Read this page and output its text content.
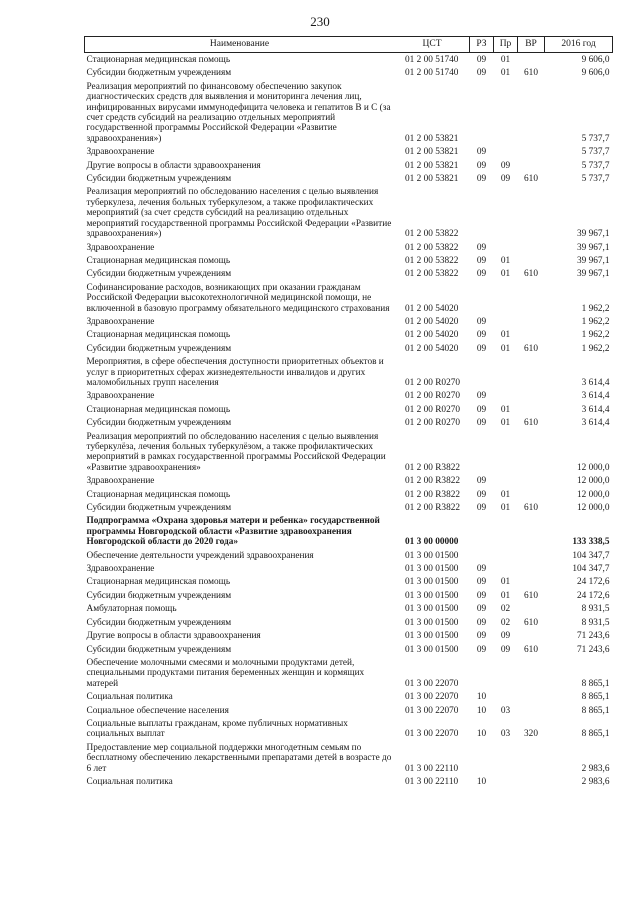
230
Наименование	ЦСТ	РЗ	Пр	ВР	2016 год
Стационарная медицинская помощь	01 2 00 51740	09	01		9 606,0
Субсидии бюджетным учреждениям	01 2 00 51740	09	01	610	9 606,0
Реализация мероприятий по финансовому обеспечению закупок диагностических средств для выявления и мониторинга лечения лиц, инфицированных вирусами иммунодефицита человека и гепатитов В и С (за счет средств субсидий на реализацию отдельных мероприятий государственной программы Российской Федерации «Развитие здравоохранения»)	01 2 00 53821				5 737,7
Здравоохранение	01 2 00 53821	09			5 737,7
Другие вопросы в области здравоохранения	01 2 00 53821	09	09		5 737,7
Субсидии бюджетным учреждениям	01 2 00 53821	09	09	610	5 737,7
Реализация мероприятий по обследованию населения с целью выявления туберкулеза, лечения больных туберкулезом, а также профилактических мероприятий (за счет средств субсидий на реализацию отдельных мероприятий государственной программы Российской Федерации «Развитие здравоохранения»)	01 2 00 53822				39 967,1
Здравоохранение	01 2 00 53822	09			39 967,1
Стационарная медицинская помощь	01 2 00 53822	09	01		39 967,1
Субсидии бюджетным учреждениям	01 2 00 53822	09	01	610	39 967,1
Софинансирование расходов, возникающих при оказании гражданам Российской Федерации высокотехнологичной медицинской помощи, не включенной в базовую программу обязательного медицинского страхования	01 2 00 54020				1 962,2
Здравоохранение	01 2 00 54020	09			1 962,2
Стационарная медицинская помощь	01 2 00 54020	09	01		1 962,2
Субсидии бюджетным учреждениям	01 2 00 54020	09	01	610	1 962,2
Мероприятия, в сфере обеспечения доступности приоритетных объектов и услуг в приоритетных сферах жизнедеятельности инвалидов и других маломобильных групп населения	01 2 00 R0270				3 614,4
Здравоохранение	01 2 00 R0270	09			3 614,4
Стационарная медицинская помощь	01 2 00 R0270	09	01		3 614,4
Субсидии бюджетным учреждениям	01 2 00 R0270	09	01	610	3 614,4
Реализация мероприятий по обследованию населения с целью выявления туберкулёза, лечения больных туберкулёзом, а также профилактических мероприятий в рамках государственной программы Российской Федерации «Развитие здравоохранения»	01 2 00 R3822				12 000,0
Здравоохранение	01 2 00 R3822	09			12 000,0
Стационарная медицинская помощь	01 2 00 R3822	09	01		12 000,0
Субсидии бюджетным учреждениям	01 2 00 R3822	09	01	610	12 000,0
Подпрограмма «Охрана здоровья матери и ребенка» государственной программы Новгородской области «Развитие здравоохранения Новгородской области до 2020 года»	01 3 00 00000				133 338,5
Обеспечение деятельности учреждений здравоохранения	01 3 00 01500				104 347,7
Здравоохранение	01 3 00 01500	09			104 347,7
Стационарная медицинская помощь	01 3 00 01500	09	01		24 172,6
Субсидии бюджетным учреждениям	01 3 00 01500	09	01	610	24 172,6
Амбулаторная помощь	01 3 00 01500	09	02		8 931,5
Субсидии бюджетным учреждениям	01 3 00 01500	09	02	610	8 931,5
Другие вопросы в области здравоохранения	01 3 00 01500	09	09		71 243,6
Субсидии бюджетным учреждениям	01 3 00 01500	09	09	610	71 243,6
Обеспечение молочными смесями и молочными продуктами детей, специальными продуктами питания беременных женщин и кормящих матерей	01 3 00 22070				8 865,1
Социальная политика	01 3 00 22070	10			8 865,1
Социальное обеспечение населения	01 3 00 22070	10	03		8 865,1
Социальные выплаты гражданам, кроме публичных нормативных социальных выплат	01 3 00 22070	10	03	320	8 865,1
Предоставление мер социальной поддержки многодетным семьям по бесплатному обеспечению лекарственными препаратами детей в возрасте до 6 лет	01 3 00 22110				2 983,6
Социальная политика	01 3 00 22110	10			2 983,6
